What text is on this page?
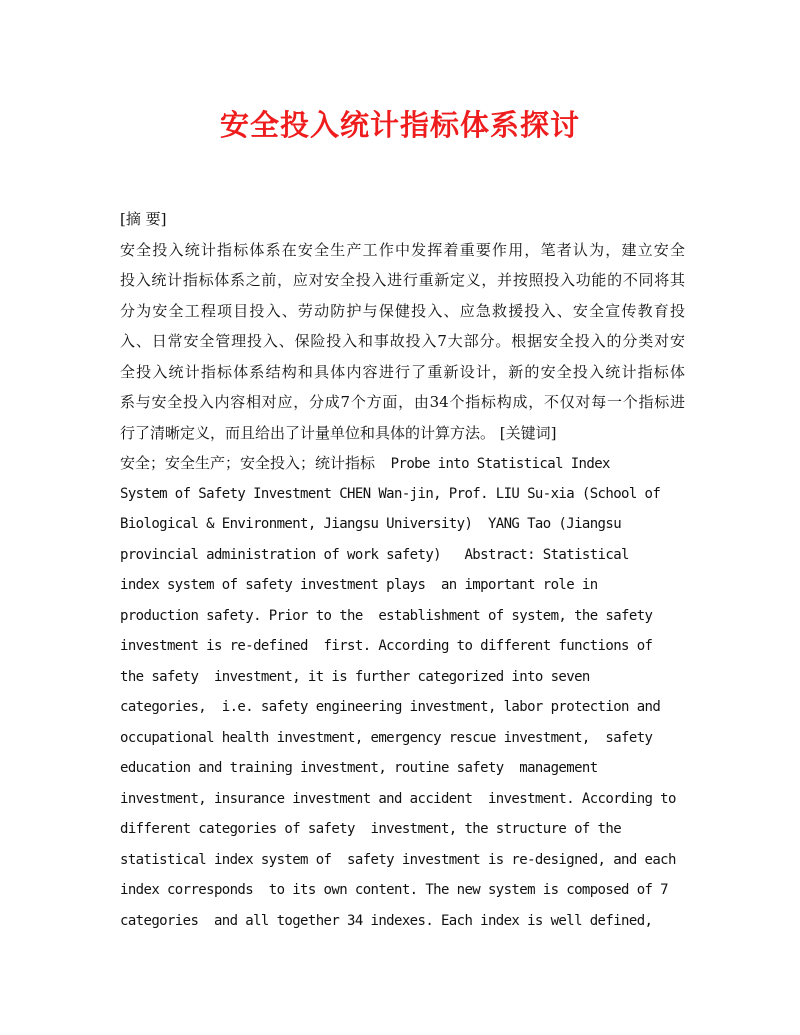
安全投入统计指标体系探讨
[摘 要]
安全投入统计指标体系在安全生产工作中发挥着重要作用，笔者认为，建立安全
投入统计指标体系之前，应对安全投入进行重新定义，并按照投入功能的不同将其
分为安全工程项目投入、劳动防护与保健投入、应急救援投入、安全宣传教育投
入、日常安全管理投入、保险投入和事故投入7大部分。根据安全投入的分类对安
全投入统计指标体系结构和具体内容进行了重新设计，新的安全投入统计指标体
系与安全投入内容相对应，分成7个方面，由34个指标构成，不仅对每一个指标进
行了清晰定义，而且给出了计量单位和具体的计算方法。 [关键词]
安全；安全生产；安全投入；统计指标  Probe into Statistical Index
System of Safety Investment CHEN Wan-jin, Prof. LIU Su-xia (School of
Biological & Environment, Jiangsu University)  YANG Tao (Jiangsu
provincial administration of work safety)   Abstract: Statistical
index system of safety investment plays  an important role in
production safety. Prior to the  establishment of system, the safety
investment is re-defined  first. According to different functions of
the safety  investment, it is further categorized into seven
categories,  i.e. safety engineering investment, labor protection and
occupational health investment, emergency rescue investment,  safety
education and training investment, routine safety  management
investment, insurance investment and accident  investment. According to
different categories of safety  investment, the structure of the
statistical index system of  safety investment is re-designed, and each
index corresponds  to its own content. The new system is composed of 7
categories  and all together 34 indexes. Each index is well defined,
